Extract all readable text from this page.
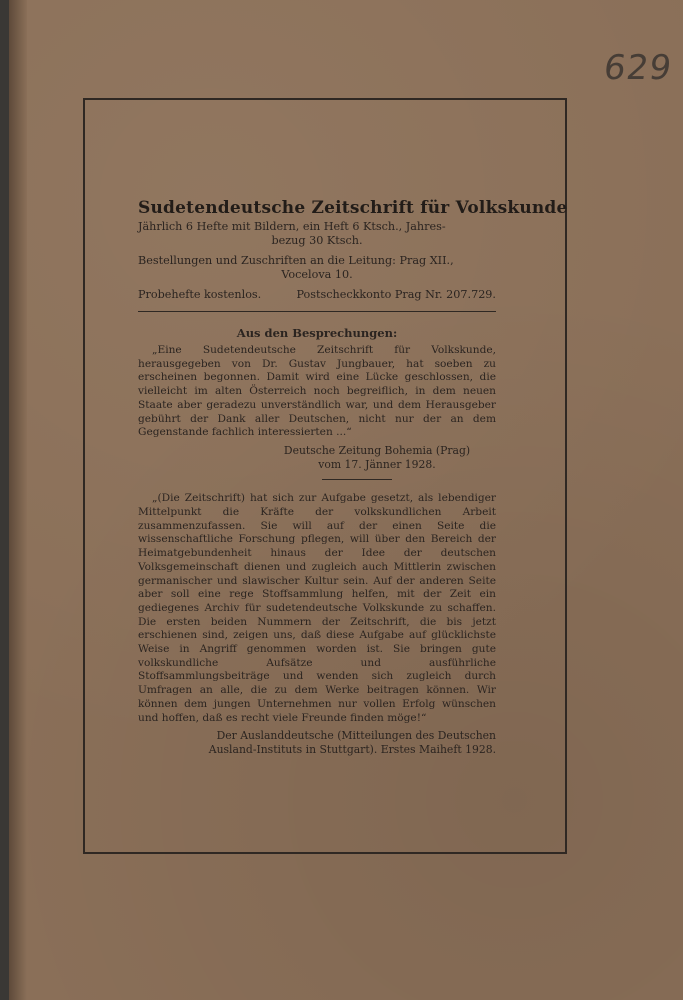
629
Sudetendeutsche Zeitschrift für Volkskunde
Jährlich 6 Hefte mit Bildern, ein Heft 6 Ktsch., Jahres-
bezug 30 Ktsch.
Bestellungen und Zuschriften an die Leitung: Prag XII.,
Vocelova 10.
Probehefte kostenlos.	Postscheckkonto Prag Nr. 207.729.
Aus den Besprechungen:
„Eine Sudetendeutsche Zeitschrift für Volkskunde, herausgegeben von Dr. Gustav Jungbauer, hat soeben zu erscheinen begonnen. Damit wird eine Lücke geschlossen, die vielleicht im alten Österreich noch begreiflich, in dem neuen Staate aber geradezu unverständlich war, und dem Herausgeber gebührt der Dank aller Deutschen, nicht nur der an dem Gegenstande fachlich interessierten ...“
Deutsche Zeitung Bohemia (Prag)
vom 17. Jänner 1928.
„(Die Zeitschrift) hat sich zur Aufgabe gesetzt, als lebendiger Mittelpunkt die Kräfte der volkskundlichen Arbeit zusammenzufassen. Sie will auf der einen Seite die wissenschaftliche Forschung pflegen, will über den Bereich der Heimatgebundenheit hinaus der Idee der deutschen Volksgemeinschaft dienen und zugleich auch Mittlerin zwischen germanischer und slawischer Kultur sein. Auf der anderen Seite aber soll eine rege Stoffsammlung helfen, mit der Zeit ein gediegenes Archiv für sudetendeutsche Volkskunde zu schaffen. Die ersten beiden Nummern der Zeitschrift, die bis jetzt erschienen sind, zeigen uns, daß diese Aufgabe auf glücklichste Weise in Angriff genommen worden ist. Sie bringen gute volkskundliche Aufsätze und ausführliche Stoffsammlungsbeiträge und wenden sich zugleich durch Umfragen an alle, die zu dem Werke beitragen können. Wir können dem jungen Unternehmen nur vollen Erfolg wünschen und hoffen, daß es recht viele Freunde finden möge!“
Der Auslanddeutsche (Mitteilungen des Deutschen
Ausland-Instituts in Stuttgart). Erstes Maiheft 1928.
